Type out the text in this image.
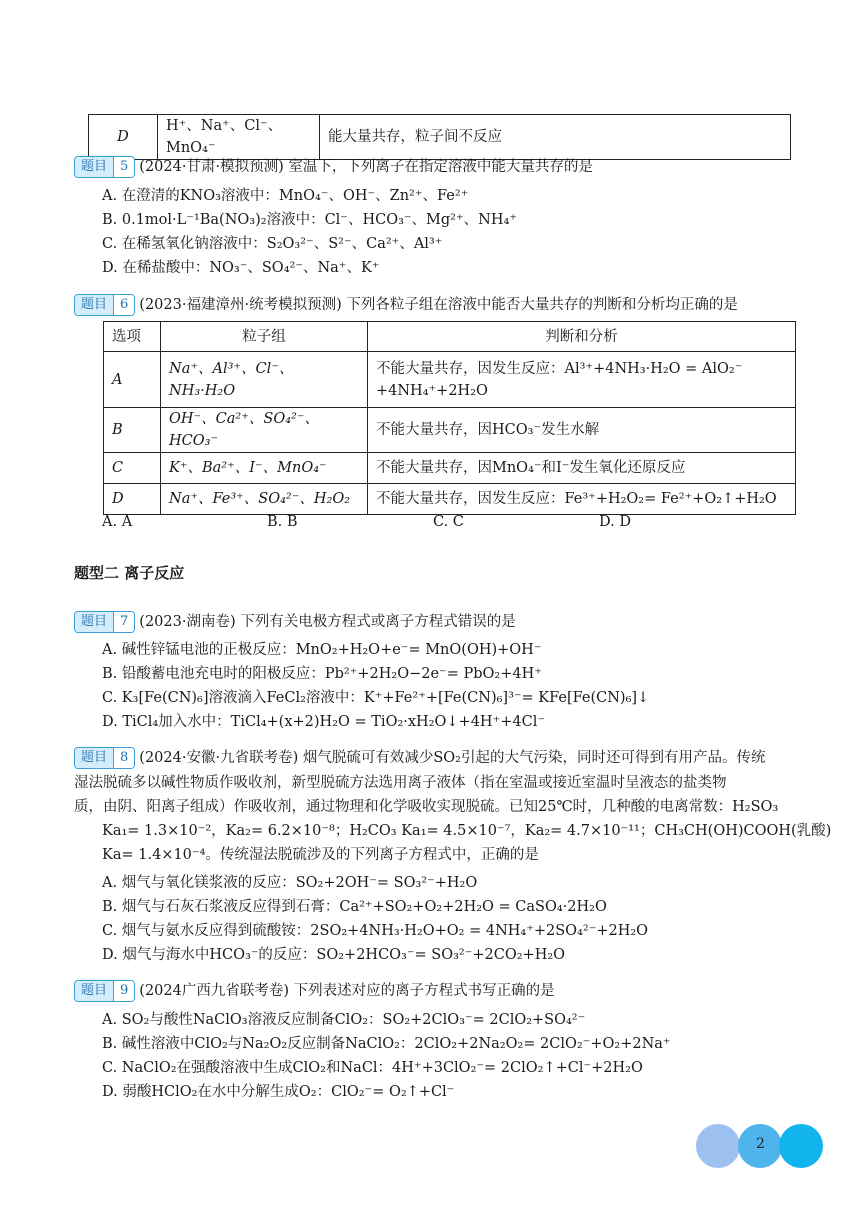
D	H⁺、Na⁺、Cl⁻、MnO₄⁻	能大量共存，粒子间不反应
题目	5 (2024·甘肃·模拟预测) 室温下，下列离子在指定溶液中能大量共存的是
A. 在澄清的KNO₃溶液中：MnO₄⁻、OH⁻、Zn²⁺、Fe²⁺
B. 0.1mol·L⁻¹Ba(NO₃)₂溶液中：Cl⁻、HCO₃⁻、Mg²⁺、NH₄⁺
C. 在稀氢氧化钠溶液中：S₂O₃²⁻、S²⁻、Ca²⁺、Al³⁺
D. 在稀盐酸中：NO₃⁻、SO₄²⁻、Na⁺、K⁺
题目	6 (2023·福建漳州·统考模拟预测) 下列各粒子组在溶液中能否大量共存的判断和分析均正确的是
选项	粒子组	判断和分析
A	Na⁺、Al³⁺、Cl⁻、NH₃·H₂O	不能大量共存，因发生反应：Al³⁺+4NH₃·H₂O = AlO₂⁻
+4NH₄⁺+2H₂O

B	OH⁻、Ca²⁺、SO₄²⁻、HCO₃⁻	不能大量共存，因HCO₃⁻发生水解
C	K⁺、Ba²⁺、I⁻、MnO₄⁻	不能大量共存，因MnO₄⁻和I⁻发生氧化还原反应
D	Na⁺、Fe³⁺、SO₄²⁻、H₂O₂	不能大量共存，因发生反应：Fe³⁺+H₂O₂= Fe²⁺+O₂↑+H₂O
A. A	B. B	C. C	D. D
题型二 离子反应
题目	7 (2023·湖南卷) 下列有关电极方程式或离子方程式错误的是
A. 碱性锌锰电池的正极反应：MnO₂+H₂O+e⁻= MnO(OH)+OH⁻
B. 铅酸蓄电池充电时的阳极反应：Pb²⁺+2H₂O−2e⁻= PbO₂+4H⁺
C. K₃[Fe(CN)₆]溶液滴入FeCl₂溶液中：K⁺+Fe²⁺+[Fe(CN)₆]³⁻= KFe[Fe(CN)₆]↓
D. TiCl₄加入水中：TiCl₄+(x+2)H₂O = TiO₂·xH₂O↓+4H⁺+4Cl⁻
题目	8 (2024·安徽·九省联考卷) 烟气脱硫可有效减少SO₂引起的大气污染，同时还可得到有用产品。传统
湿法脱硫多以碱性物质作吸收剂，新型脱硫方法选用离子液体（指在室温或接近室温时呈液态的盐类物
质，由阴、阳离子组成）作吸收剂，通过物理和化学吸收实现脱硫。已知25℃时，几种酸的电离常数：H₂SO₃
Ka₁= 1.3×10⁻²，Ka₂= 6.2×10⁻⁸；H₂CO₃ Ka₁= 4.5×10⁻⁷，Ka₂= 4.7×10⁻¹¹；CH₃CH(OH)COOH(乳酸)
Ka= 1.4×10⁻⁴。传统湿法脱硫涉及的下列离子方程式中，正确的是
A. 烟气与氧化镁浆液的反应：SO₂+2OH⁻= SO₃²⁻+H₂O
B. 烟气与石灰石浆液反应得到石膏：Ca²⁺+SO₂+O₂+2H₂O = CaSO₄·2H₂O
C. 烟气与氨水反应得到硫酸铵：2SO₂+4NH₃·H₂O+O₂ = 4NH₄⁺+2SO₄²⁻+2H₂O
D. 烟气与海水中HCO₃⁻的反应：SO₂+2HCO₃⁻= SO₃²⁻+2CO₂+H₂O
题目	9 (2024广西九省联考卷) 下列表述对应的离子方程式书写正确的是
A. SO₂与酸性NaClO₃溶液反应制备ClO₂：SO₂+2ClO₃⁻= 2ClO₂+SO₄²⁻
B. 碱性溶液中ClO₂与Na₂O₂反应制备NaClO₂：2ClO₂+2Na₂O₂= 2ClO₂⁻+O₂+2Na⁺
C. NaClO₂在强酸溶液中生成ClO₂和NaCl：4H⁺+3ClO₂⁻= 2ClO₂↑+Cl⁻+2H₂O
D. 弱酸HClO₂在水中分解生成O₂：ClO₂⁻= O₂↑+Cl⁻
2
